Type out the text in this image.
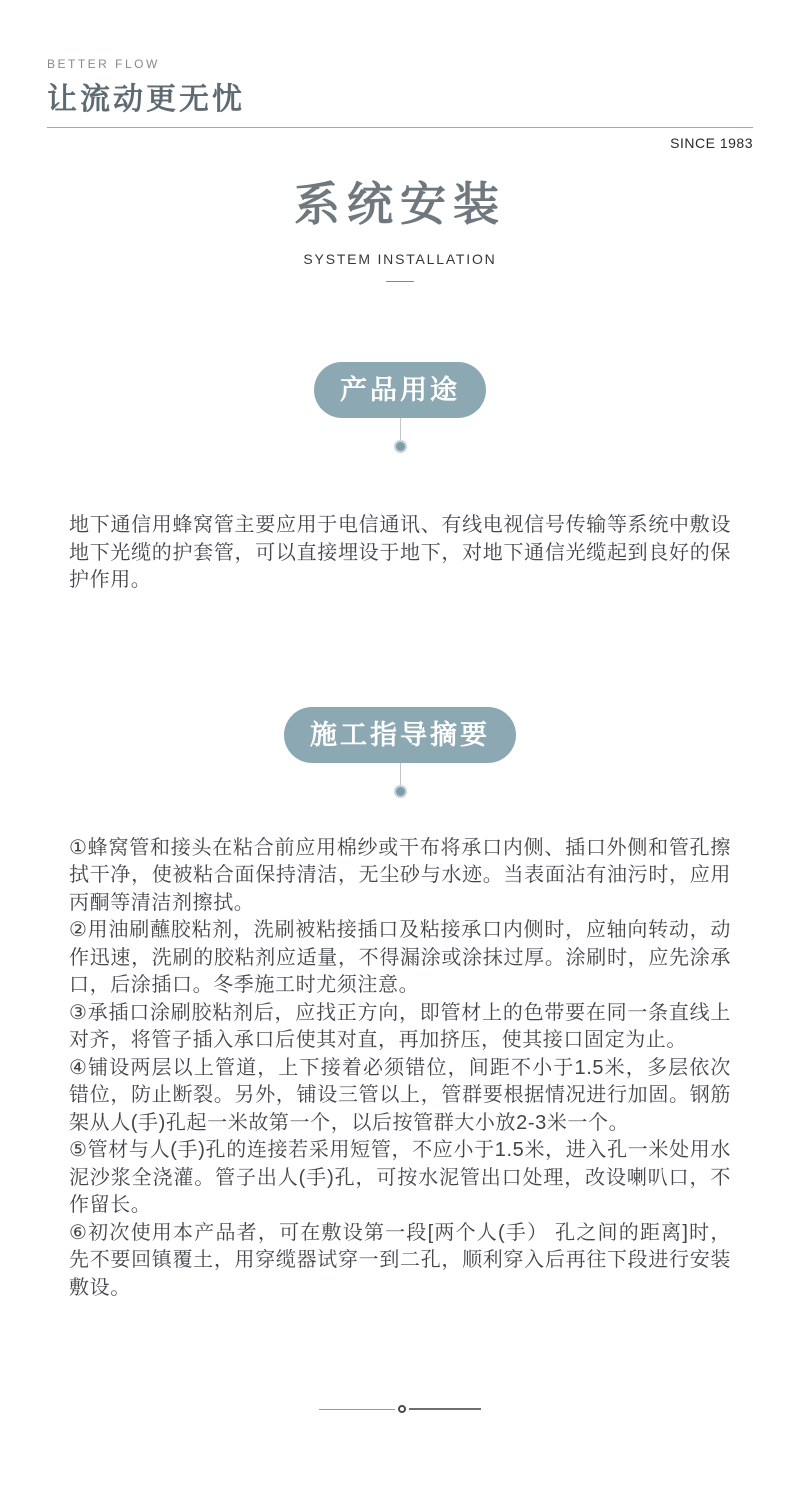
BETTER FLOW
让流动更无忧
SINCE 1983
系统安装
SYSTEM INSTALLATION
产品用途

地下通信用蜂窝管主要应用于电信通讯、有线电视信号传输等系统中敷设地下光缆的护套管，可以直接埋设于地下，对地下通信光缆起到良好的保护作用。

施工指导摘要

①蜂窝管和接头在粘合前应用棉纱或干布将承口内侧、插口外侧和管孔擦拭干净，使被粘合面保持清洁，无尘砂与水迹。当表面沾有油污时，应用丙酮等清洁剂擦拭。

②用油刷蘸胶粘剂，洗刷被粘接插口及粘接承口内侧时，应轴向转动，动作迅速，洗刷的胶粘剂应适量，不得漏涂或涂抹过厚。涂刷时，应先涂承口，后涂插口。冬季施工时尤须注意。

③承插口涂刷胶粘剂后，应找正方向，即管材上的色带要在同一条直线上对齐，将管子插入承口后使其对直，再加挤压，使其接口固定为止。

④铺设两层以上管道，上下接着必须错位，间距不小于1.5米，多层依次错位，防止断裂。另外，铺设三管以上，管群要根据情况进行加固。钢筋架从人(手)孔起一米故第一个，以后按管群大小放2-3米一个。

⑤管材与人(手)孔的连接若采用短管，不应小于1.5米，进入孔一米处用水泥沙浆全浇灌。管子出人(手)孔，可按水泥管出口处理，改设喇叭口，不作留长。

⑥初次使用本产品者，可在敷设第一段[两个人(手） 孔之间的距离]时，先不要回镇覆土，用穿缆器试穿一到二孔，顺利穿入后再往下段进行安装敷设。
